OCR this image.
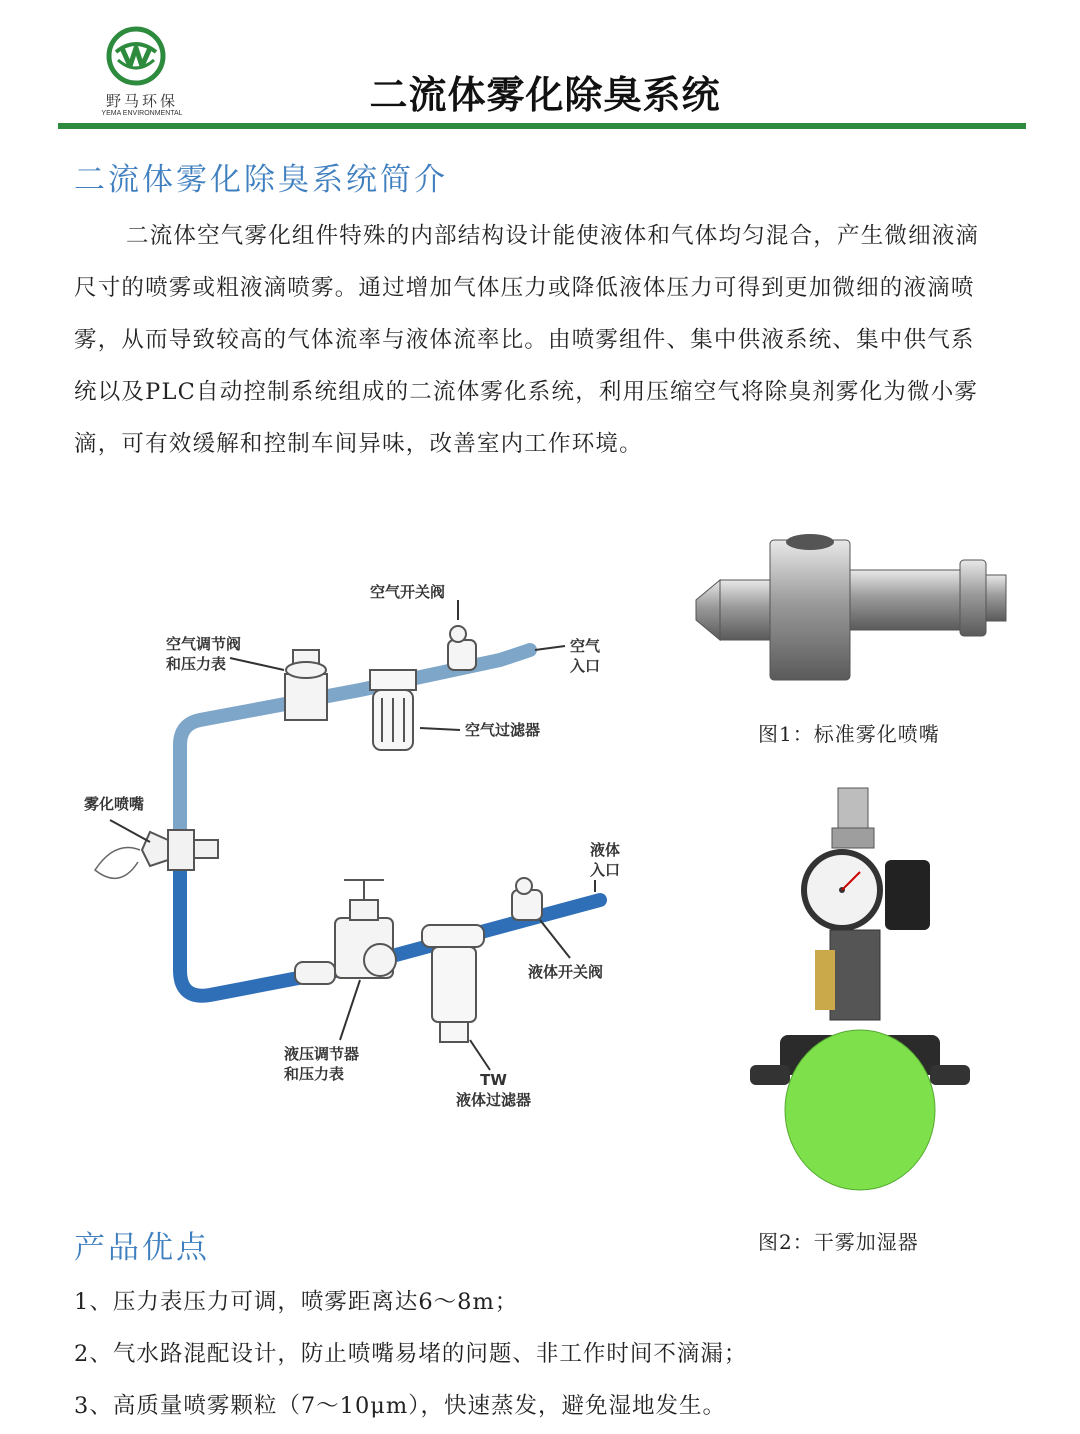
野马环保
YEMA ENVIRONMENTAL	二流体雾化除臭系统
二流体雾化除臭系统简介

二流体空气雾化组件特殊的内部结构设计能使液体和气体均匀混合，产生微细液滴尺寸的喷雾或粗液滴喷雾。通过增加气体压力或降低液体压力可得到更加微细的液滴喷雾，从而导致较高的气体流率与液体流率比。由喷雾组件、集中供液系统、集中供气系统以及PLC自动控制系统组成的二流体雾化系统，利用压缩空气将除臭剂雾化为微小雾滴，可有效缓解和控制车间异味，改善室内工作环境。

空气开关阀
空气调节阀
和压力表
空气
入口
空气过滤器
雾化喷嘴
液体
入口
液体开关阀
液压调节器
和压力表	TW
液体过滤器
图1：标准雾化喷嘴
图2：干雾加湿器
产品优点
1、压力表压力可调，喷雾距离达6～8m；
2、气水路混配设计，防止喷嘴易堵的问题、非工作时间不滴漏；
3、高质量喷雾颗粒（7～10μm），快速蒸发，避免湿地发生。
